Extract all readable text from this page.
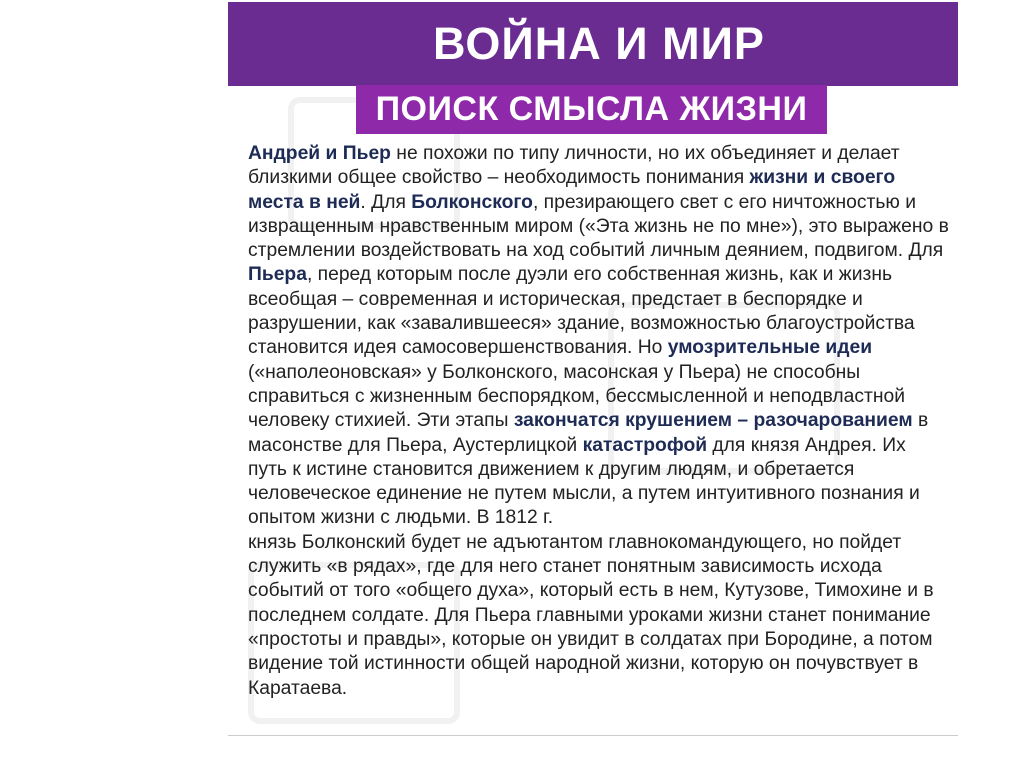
ВОЙНА И МИР
ПОИСК СМЫСЛА ЖИЗНИ

Андрей и Пьер не похожи по типу личности, но их объединяет и делает близкими общее свойство – необходимость понимания жизни и своего места в ней. Для Болконского, презирающего свет с его ничтожностью и извращенным нравственным миром («Эта жизнь не по мне»), это выражено в стремлении воздействовать на ход событий личным деянием, подвигом. Для Пьера, перед которым после дуэли его собственная жизнь, как и жизнь всеобщая – современная и историческая, предстает в беспорядке и разрушении, как «завалившееся» здание, возможностью благоустройства становится идея самосовершенствования. Но умозрительные идеи («наполеоновская» у Болконского, масонская у Пьера) не способны справиться с жизненным беспорядком, бессмысленной и неподвластной человеку стихией. Эти этапы закончатся крушением – разочарованием в масонстве для Пьера, Аустерлицкой катастрофой для князя Андрея. Их путь к истине становится движением к другим людям, и обретается человеческое единение не путем мысли, а путем интуитивного познания и опытом жизни с людьми. В 1812 г.
князь Болконский будет не адъютантом главнокомандующего, но пойдет служить «в рядах», где для него станет понятным зависимость исхода событий от того «общего духа», который есть в нем, Кутузове, Тимохине и в последнем солдате. Для Пьера главными уроками жизни станет понимание «простоты и правды», которые он увидит в солдатах при Бородине, а потом видение той истинности общей народной жизни, которую он почувствует в Каратаева.
